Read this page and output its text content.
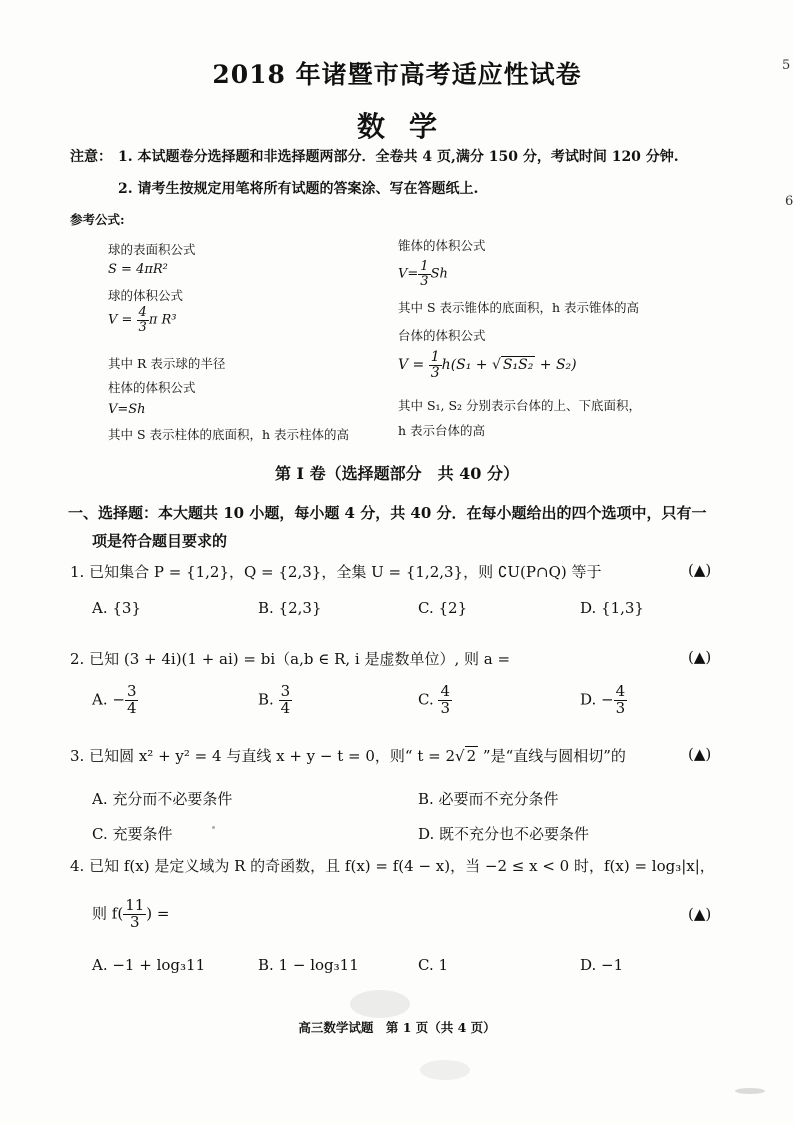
5
6
2018 年诸暨市高考适应性试卷
数学
注意： 1. 本试题卷分选择题和非选择题两部分．全卷共 4 页,满分 150 分，考试时间 120 分钟.
2. 请考生按规定用笔将所有试题的答案涂、写在答题纸上.
参考公式:
球的表面积公式
S = 4πR²
球的体积公式
$V = \frac{4}{3}$ π R³
其中 R 表示球的半径
柱体的体积公式
V=Sh
其中 S 表示柱体的底面积，h 表示柱体的高
锥体的体积公式
$V= \frac{1}{3}$ Sh
其中 S 表示锥体的底面积，h 表示锥体的高
台体的体积公式
$V = \frac{1}{3} h(S_1$ + √ S₁S₂ + S₂)
其中 S₁, S₂ 分别表示台体的上、下底面积，
h 表示台体的高
第 I 卷（选择题部分　共 40 分）
一、选择题：本大题共 10 小题，每小题 4 分，共 40 分．在每小题给出的四个选项中，只有一
项是符合题目要求的
1. 已知集合 P = {1,2}，Q = {2,3}，全集 U = {1,2,3}，则 ∁U(P∩Q) 等于	(▲)
A. {3}	B. {2,3}	C. {2}	D. {1,3}
2. 已知 (3 + 4i)(1 + ai) = bi（a,b ∈ R, i 是虚数单位）, 则 a =	(▲)
A. − $\frac{3}{4}$	B. $\frac{3}{4}$	C. $\frac{4}{3}$	D. − $\frac{4}{3}$
3. 已知圆 x² + y² = 4 与直线 x + y − t = 0，则“ t = 2√ 2 ”是“直线与圆相切”的	(▲)
A. 充分而不必要条件	B. 必要而不充分条件
C. 充要条件	D. 既不充分也不必要条件
4. 已知 f(x) 是定义域为 R 的奇函数，且 f(x) = f(4 − x)，当 −2 ≤ x < 0 时，f(x) = log₃|x|，
则 $f( \frac{11}{3}$ ) =	(▲)
A. −1 + log₃11	B. 1 − log₃11	C. 1	D. −1
高三数学试题　第 1 页（共 4 页）
